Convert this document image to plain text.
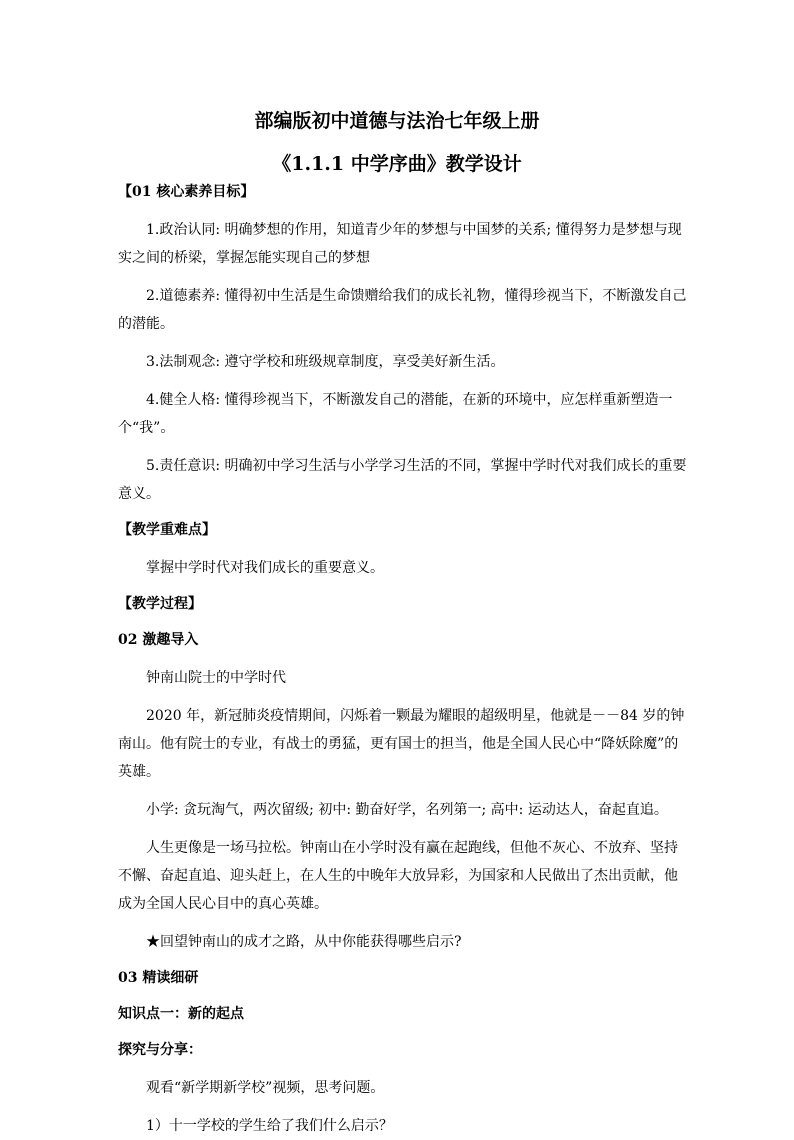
部编版初中道德与法治七年级上册
《1.1.1 中学序曲》教学设计

【01 核心素养目标】

1.政治认同: 明确梦想的作用，知道青少年的梦想与中国梦的关系; 懂得努力是梦想与现实之间的桥梁，掌握怎能实现自己的梦想

2.道德素养: 懂得初中生活是生命馈赠给我们的成长礼物，懂得珍视当下，不断激发自己的潜能。

3.法制观念: 遵守学校和班级规章制度，享受美好新生活。

4.健全人格: 懂得珍视当下，不断激发自己的潜能，在新的环境中，应怎样重新塑造一个“我”。

5.责任意识: 明确初中学习生活与小学学习生活的不同，掌握中学时代对我们成长的重要意义。

【教学重难点】

掌握中学时代对我们成长的重要意义。

【教学过程】

02 激趣导入

钟南山院士的中学时代

2020 年，新冠肺炎疫情期间，闪烁着一颗最为耀眼的超级明星，他就是－－84 岁的钟南山。他有院士的专业，有战士的勇猛，更有国士的担当，他是全国人民心中“降妖除魔”的英雄。

小学: 贪玩淘气，两次留级; 初中: 勤奋好学，名列第一; 高中: 运动达人，奋起直追。

人生更像是一场马拉松。钟南山在小学时没有赢在起跑线，但他不灰心、不放弃、坚持不懈、奋起直追、迎头赶上，在人生的中晚年大放异彩，为国家和人民做出了杰出贡献，他成为全国人民心目中的真心英雄。

★回望钟南山的成才之路，从中你能获得哪些启示?

03 精读细研

知识点一：新的起点

探究与分享：

观看“新学期新学校”视频，思考问题。

1）十一学校的学生给了我们什么启示？
